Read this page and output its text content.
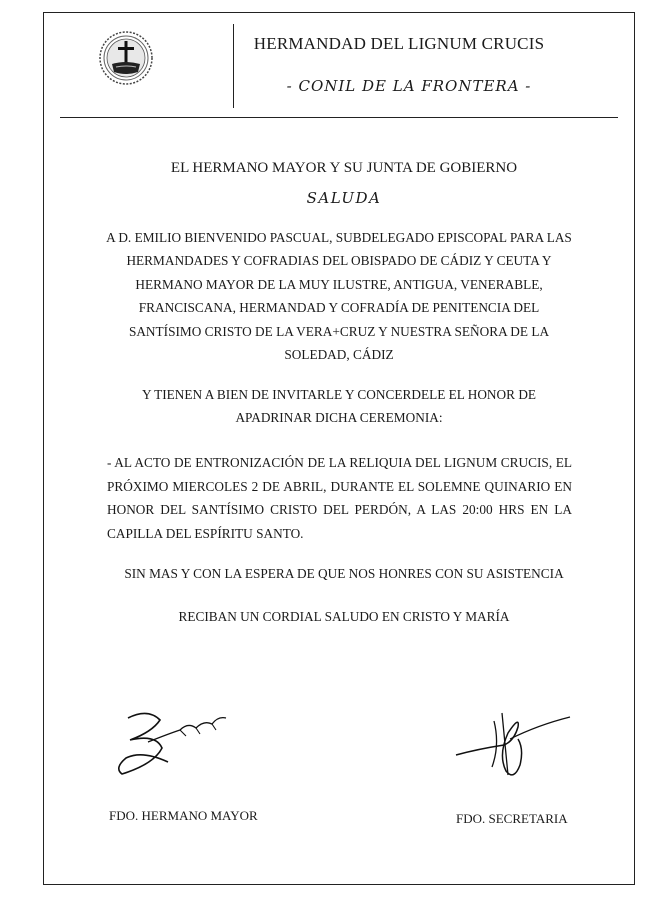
HERMANDAD DEL LIGNUM CRUCIS
- CONIL DE LA FRONTERA -
EL HERMANO MAYOR Y SU JUNTA DE GOBIERNO
SALUDA
A D. EMILIO BIENVENIDO PASCUAL, SUBDELEGADO EPISCOPAL PARA LAS
HERMANDADES Y COFRADIAS DEL OBISPADO DE CÁDIZ Y CEUTA Y
HERMANO MAYOR DE LA MUY ILUSTRE, ANTIGUA, VENERABLE,
FRANCISCANA, HERMANDAD Y COFRADÍA DE PENITENCIA DEL
SANTÍSIMO CRISTO DE LA VERA+CRUZ Y NUESTRA SEÑORA DE LA
SOLEDAD, CÁDIZ
Y TIENEN A BIEN DE INVITARLE Y CONCERDELE EL HONOR DE
APADRINAR DICHA CEREMONIA:
- AL ACTO DE ENTRONIZACIÓN DE LA RELIQUIA DEL LIGNUM CRUCIS, EL PRÓXIMO MIERCOLES 2 DE ABRIL, DURANTE EL SOLEMNE QUINARIO EN HONOR DEL SANTÍSIMO CRISTO DEL PERDÓN, A LAS 20:00 HRS EN LA CAPILLA DEL ESPÍRITU SANTO.
SIN MAS Y CON LA ESPERA DE QUE NOS HONRES CON SU ASISTENCIA
RECIBAN UN CORDIAL SALUDO EN CRISTO Y MARÍA
FDO. HERMANO MAYOR	FDO. SECRETARIA
